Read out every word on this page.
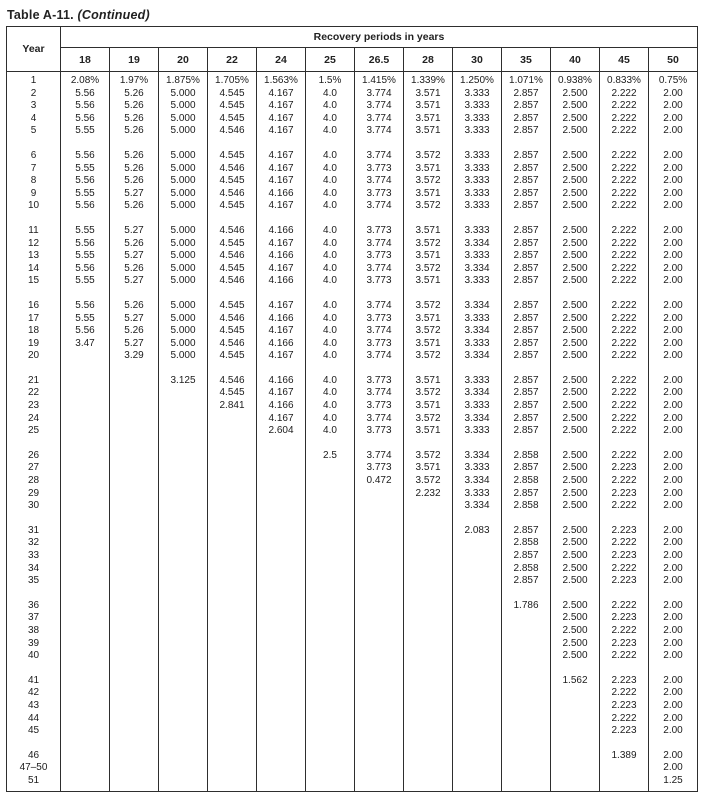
Table A-11. (Continued)
Year	Recovery periods in years												
	18	19	20	22	24	25	26.5	28	30	35	40	45	50
1	2.08%	1.97%	1.875%	1.705%	1.563%	1.5%	1.415%	1.339%	1.250%	1.071%	0.938%	0.833%	0.75%
2	5.56	5.26	5.000	4.545	4.167	4.0	3.774	3.571	3.333	2.857	2.500	2.222	2.00
3	5.56	5.26	5.000	4.545	4.167	4.0	3.774	3.571	3.333	2.857	2.500	2.222	2.00
4	5.56	5.26	5.000	4.545	4.167	4.0	3.774	3.571	3.333	2.857	2.500	2.222	2.00
5	5.55	5.26	5.000	4.546	4.167	4.0	3.774	3.571	3.333	2.857	2.500	2.222	2.00

6	5.56	5.26	5.000	4.545	4.167	4.0	3.774	3.572	3.333	2.857	2.500	2.222	2.00
7	5.55	5.26	5.000	4.546	4.167	4.0	3.773	3.571	3.333	2.857	2.500	2.222	2.00
8	5.56	5.26	5.000	4.545	4.167	4.0	3.774	3.572	3.333	2.857	2.500	2.222	2.00
9	5.55	5.27	5.000	4.546	4.166	4.0	3.773	3.571	3.333	2.857	2.500	2.222	2.00
10	5.56	5.26	5.000	4.545	4.167	4.0	3.774	3.572	3.333	2.857	2.500	2.222	2.00

11	5.55	5.27	5.000	4.546	4.166	4.0	3.773	3.571	3.333	2.857	2.500	2.222	2.00
12	5.56	5.26	5.000	4.545	4.167	4.0	3.774	3.572	3.334	2.857	2.500	2.222	2.00
13	5.55	5.27	5.000	4.546	4.166	4.0	3.773	3.571	3.333	2.857	2.500	2.222	2.00
14	5.56	5.26	5.000	4.545	4.167	4.0	3.774	3.572	3.334	2.857	2.500	2.222	2.00
15	5.55	5.27	5.000	4.546	4.166	4.0	3.773	3.571	3.333	2.857	2.500	2.222	2.00

16	5.56	5.26	5.000	4.545	4.167	4.0	3.774	3.572	3.334	2.857	2.500	2.222	2.00
17	5.55	5.27	5.000	4.546	4.166	4.0	3.773	3.571	3.333	2.857	2.500	2.222	2.00
18	5.56	5.26	5.000	4.545	4.167	4.0	3.774	3.572	3.334	2.857	2.500	2.222	2.00
19	3.47	5.27	5.000	4.546	4.166	4.0	3.773	3.571	3.333	2.857	2.500	2.222	2.00
20		3.29	5.000	4.545	4.167	4.0	3.774	3.572	3.334	2.857	2.500	2.222	2.00

21			3.125	4.546	4.166	4.0	3.773	3.571	3.333	2.857	2.500	2.222	2.00
22				4.545	4.167	4.0	3.774	3.572	3.334	2.857	2.500	2.222	2.00
23				2.841	4.166	4.0	3.773	3.571	3.333	2.857	2.500	2.222	2.00
24					4.167	4.0	3.774	3.572	3.334	2.857	2.500	2.222	2.00
25					2.604	4.0	3.773	3.571	3.333	2.857	2.500	2.222	2.00

26						2.5	3.774	3.572	3.334	2.858	2.500	2.222	2.00
27							3.773	3.571	3.333	2.857	2.500	2.223	2.00
28							0.472	3.572	3.334	2.858	2.500	2.222	2.00
29								2.232	3.333	2.857	2.500	2.223	2.00
30									3.334	2.858	2.500	2.222	2.00

31									2.083	2.857	2.500	2.223	2.00
32										2.858	2.500	2.222	2.00
33										2.857	2.500	2.223	2.00
34										2.858	2.500	2.222	2.00
35										2.857	2.500	2.223	2.00

36										1.786	2.500	2.222	2.00
37											2.500	2.223	2.00
38											2.500	2.222	2.00
39											2.500	2.223	2.00
40											2.500	2.222	2.00

41											1.562	2.223	2.00
42												2.222	2.00
43												2.223	2.00
44												2.222	2.00
45												2.223	2.00

46												1.389	2.00
47–50													2.00
51													1.25
